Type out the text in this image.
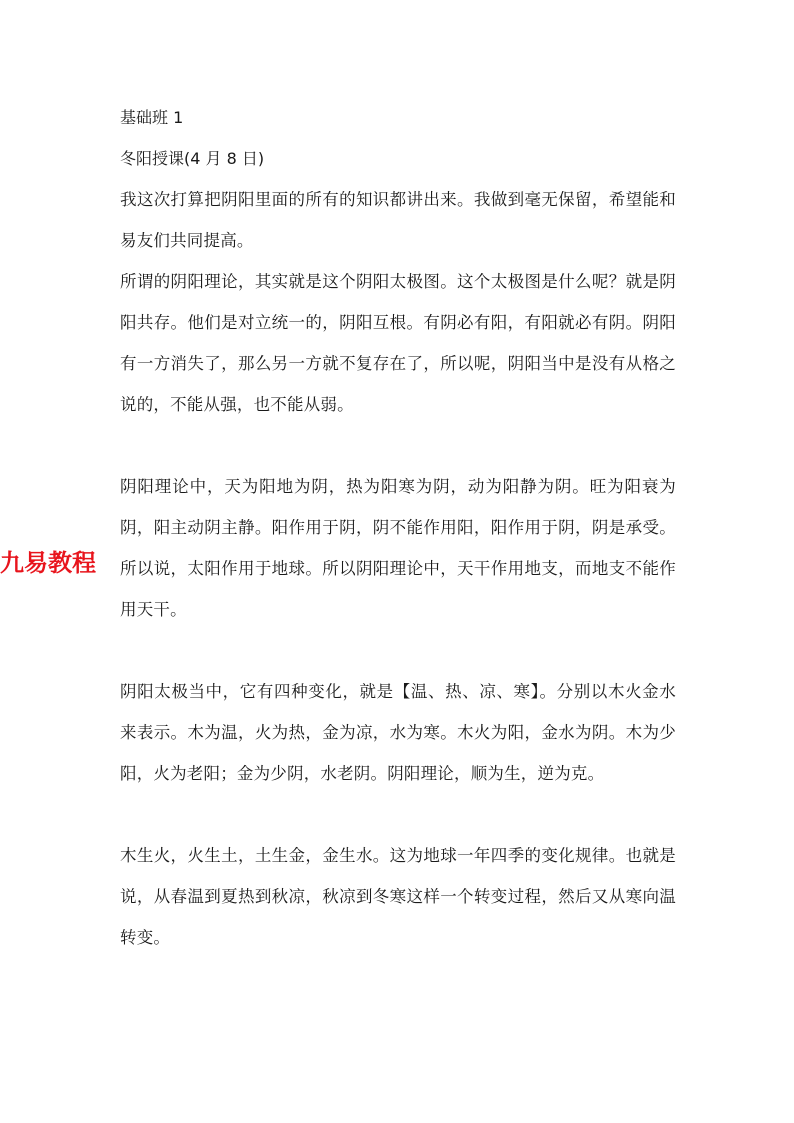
基础班 1
冬阳授课(4 月 8 日)

我这次打算把阴阳里面的所有的知识都讲出来。我做到毫无保留，希望能和易友们共同提高。

所谓的阴阳理论，其实就是这个阴阳太极图。这个太极图是什么呢？就是阴阳共存。他们是对立统一的，阴阳互根。有阴必有阳，有阳就必有阴。阴阳有一方消失了，那么另一方就不复存在了，所以呢，阴阳当中是没有从格之说的，不能从强，也不能从弱。

阴阳理论中，天为阳地为阴，热为阳寒为阴，动为阳静为阴。旺为阳衰为阴，阳主动阴主静。阳作用于阴，阴不能作用阳，阳作用于阴，阴是承受。所以说，太阳作用于地球。所以阴阳理论中，天干作用地支，而地支不能作用天干。

阴阳太极当中，它有四种变化，就是【温、热、凉、寒】。分别以木火金水来表示。木为温，火为热，金为凉，水为寒。木火为阳，金水为阴。木为少阳，火为老阳；金为少阴，水老阴。阴阳理论，顺为生，逆为克。

木生火，火生土，土生金，金生水。这为地球一年四季的变化规律。也就是说，从春温到夏热到秋凉，秋凉到冬寒这样一个转变过程，然后又从寒向温转变。

九易教程
